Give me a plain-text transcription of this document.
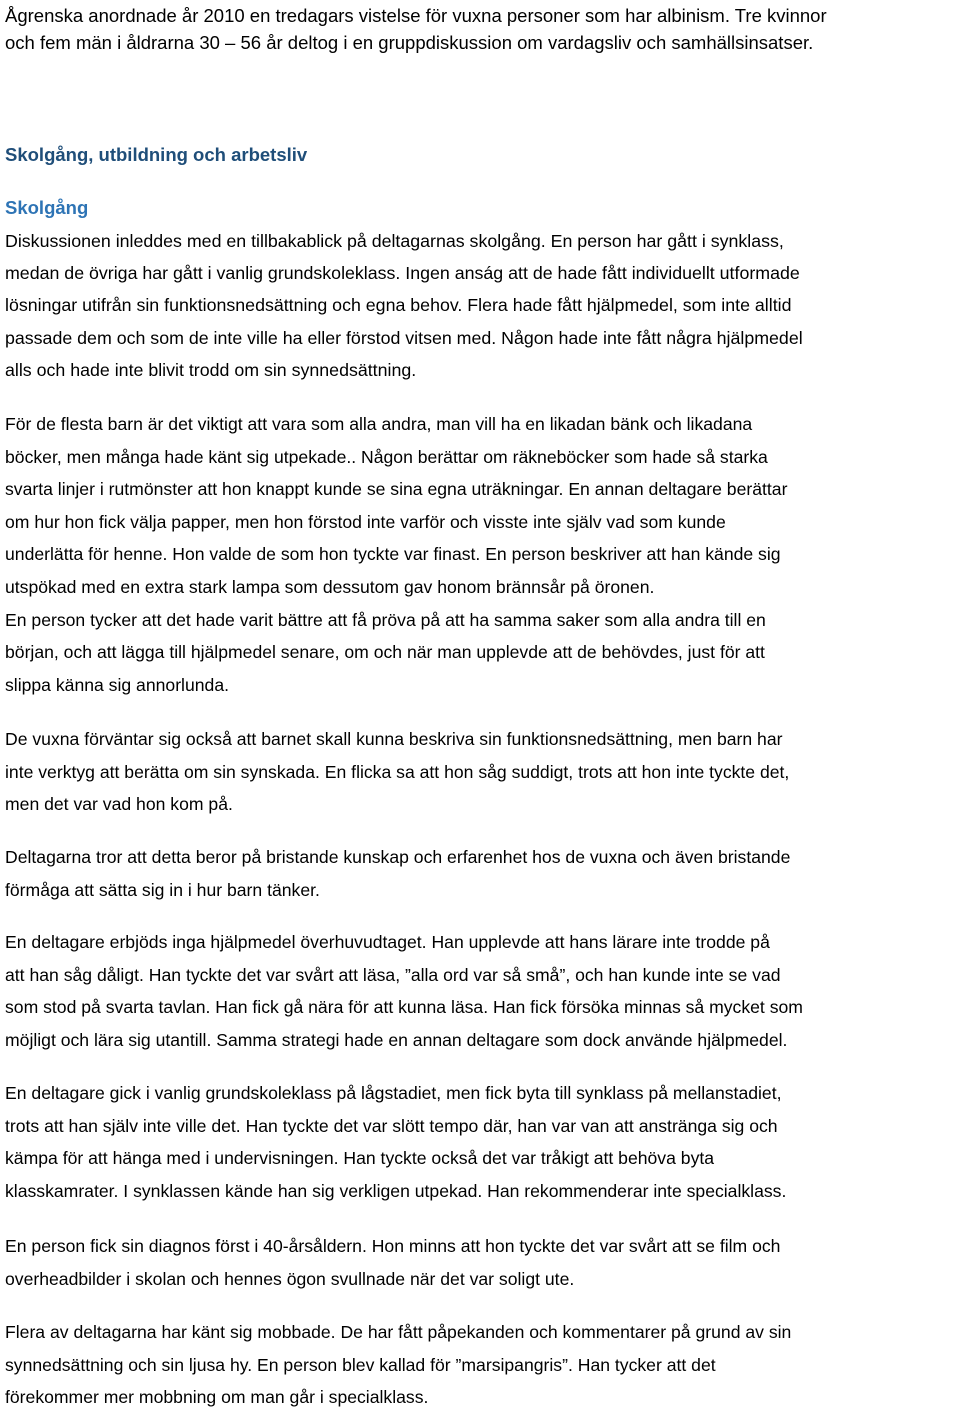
Ågrenska anordnade år 2010 en tredagars vistelse för vuxna personer som har albinism. Tre kvinnor
och fem män i åldrarna 30 – 56 år deltog i en gruppdiskussion om vardagsliv och samhällsinsatser.

Skolgång, utbildning och arbetsliv
Skolgång

Diskussionen inleddes med en tillbakablick på deltagarnas skolgång. En person har gått i synklass,
medan de övriga har gått i vanlig grundskoleklass. Ingen anság att de hade fått individuellt utformade
lösningar utifrån sin funktionsnedsättning och egna behov. Flera hade fått hjälpmedel, som inte alltid
passade dem och som de inte ville ha eller förstod vitsen med. Någon hade inte fått några hjälpmedel
alls och hade inte blivit trodd om sin synnedsättning.

För de flesta barn är det viktigt att vara som alla andra, man vill ha en likadan bänk och likadana
böcker, men många hade känt sig utpekade.. Någon berättar om räkneböcker som hade så starka
svarta linjer i rutmönster att hon knappt kunde se sina egna uträkningar. En annan deltagare berättar
om hur hon fick välja papper, men hon förstod inte varför och visste inte själv vad som kunde
underlätta för henne. Hon valde de som hon tyckte var finast. En person beskriver att han kände sig
utspökad med en extra stark lampa som dessutom gav honom brännsår på öronen.
En person tycker att det hade varit bättre att få pröva på att ha samma saker som alla andra till en
början, och att lägga till hjälpmedel senare, om och när man upplevde att de behövdes, just för att
slippa känna sig annorlunda.

De vuxna förväntar sig också att barnet skall kunna beskriva sin funktionsnedsättning, men barn har
inte verktyg att berätta om sin synskada. En flicka sa att hon såg suddigt, trots att hon inte tyckte det,
men det var vad hon kom på.

Deltagarna tror att detta beror på bristande kunskap och erfarenhet hos de vuxna och även bristande
förmåga att sätta sig in i hur barn tänker.

En deltagare erbjöds inga hjälpmedel överhuvudtaget. Han upplevde att hans lärare inte trodde på
att han såg dåligt. Han tyckte det var svårt att läsa, ”alla ord var så små”, och han kunde inte se vad
som stod på svarta tavlan. Han fick gå nära för att kunna läsa. Han fick försöka minnas så mycket som
möjligt och lära sig utantill. Samma strategi hade en annan deltagare som dock använde hjälpmedel.

En deltagare gick i vanlig grundskoleklass på lågstadiet, men fick byta till synklass på mellanstadiet,
trots att han själv inte ville det. Han tyckte det var slött tempo där, han var van att anstränga sig och
kämpa för att hänga med i undervisningen. Han tyckte också det var tråkigt att behöva byta
klasskamrater. I synklassen kände han sig verkligen utpekad. Han rekommenderar inte specialklass.

En person fick sin diagnos först i 40-årsåldern. Hon minns att hon tyckte det var svårt att se film och
overheadbilder i skolan och hennes ögon svullnade när det var soligt ute.

Flera av deltagarna har känt sig mobbade. De har fått påpekanden och kommentarer på grund av sin
synnedsättning och sin ljusa hy. En person blev kallad för ”marsipangris”. Han tycker att det
förekommer mer mobbning om man går i specialklass.
